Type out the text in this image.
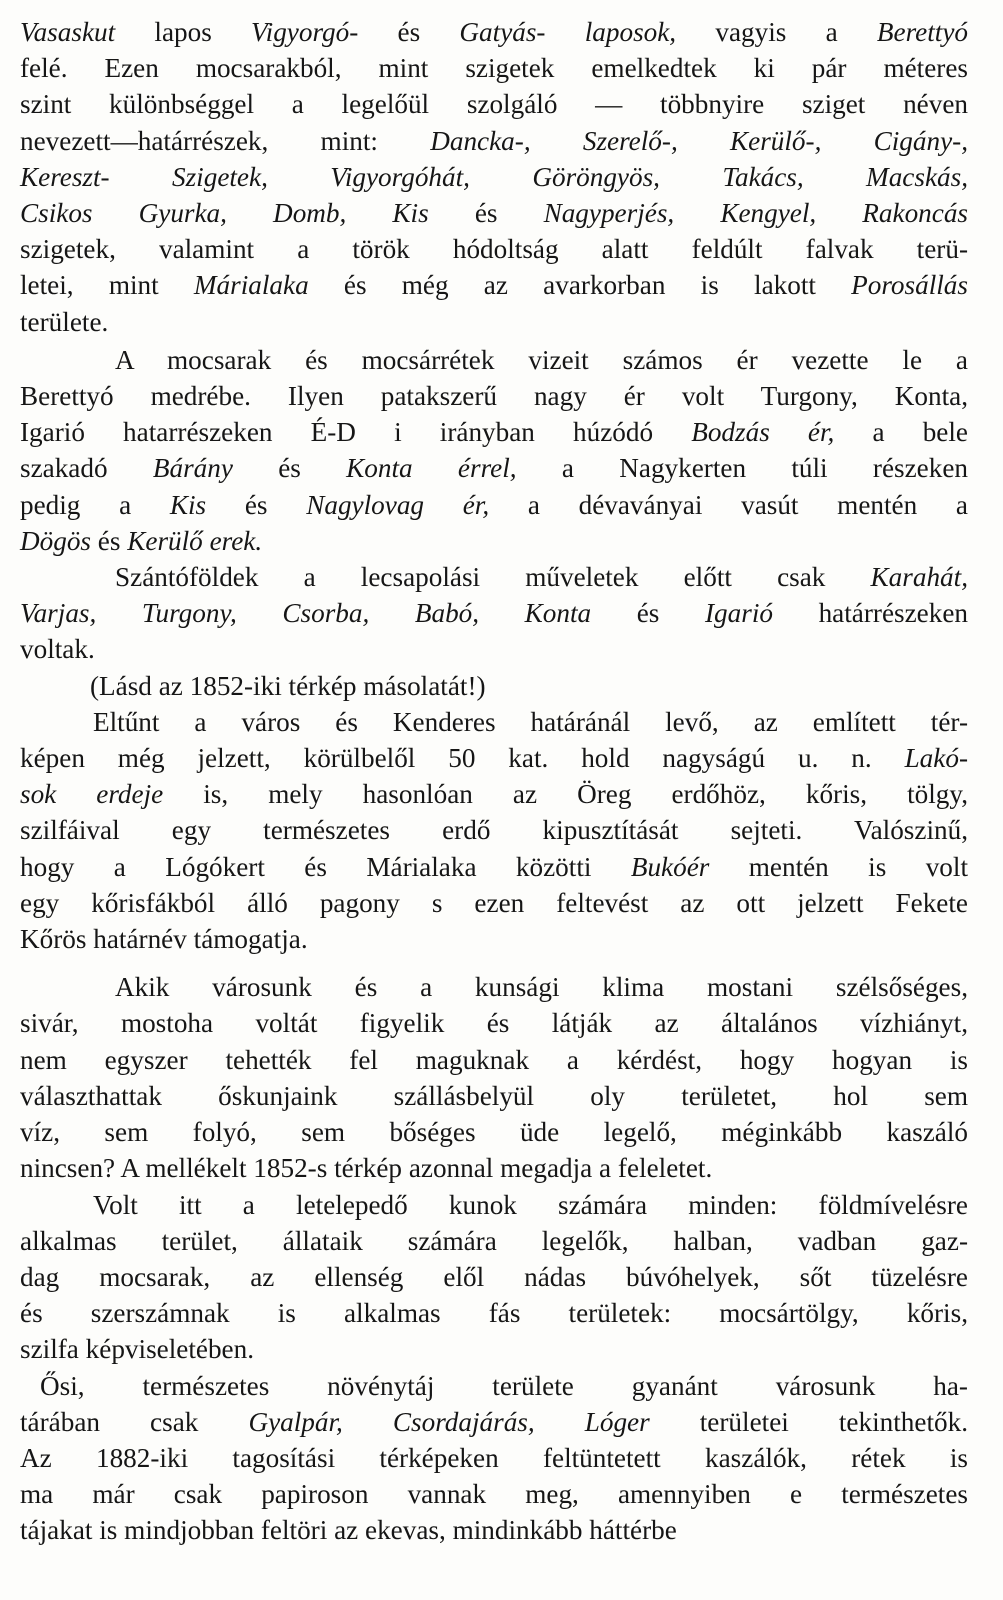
Vasaskut lapos Vigyorgó- és Gatyás- laposok, vagyis a Berettyó
felé. Ezen mocsarakból, mint szigetek emelkedtek ki pár méteres
szint különbséggel a legelőül szolgáló — többnyire sziget néven
nevezett—határrészek, mint: Dancka-, Szerelő-, Kerülő-, Cigány-,
Kereszt- Szigetek, Vigyorgóhát, Göröngyös, Takács, Macskás,
Csikos Gyurka, Domb, Kis és Nagyperjés, Kengyel, Rakoncás
szigetek, valamint a török hódoltság alatt feldúlt falvak terü-
letei, mint Márialaka és még az avarkorban is lakott Porosállás
területe.

A mocsarak és mocsárrétek vizeit számos ér vezette le a
Berettyó medrébe. Ilyen patakszerű nagy ér volt Turgony, Konta,
Igarió hatarrészeken É-D i irányban húzódó Bodzás ér, a bele
szakadó Bárány és Konta érrel, a Nagykerten túli részeken
pedig a Kis és Nagylovag ér, a dévaványai vasút mentén a
Dögös és Kerülő erek.

Szántóföldek a lecsapolási műveletek előtt csak Karahát,
Varjas, Turgony, Csorba, Babó, Konta és Igarió határrészeken
voltak.

(Lásd az 1852-iki térkép másolatát!)

Eltűnt a város és Kenderes határánál levő, az említett tér-
képen még jelzett, körülbelől 50 kat. hold nagyságú u. n. Lakó-
sok erdeje is, mely hasonlóan az Öreg erdőhöz, kőris, tölgy,
szilfáival egy természetes erdő kipusztítását sejteti. Valószinű,
hogy a Lógókert és Márialaka közötti Bukóér mentén is volt
egy kőrisfákból álló pagony s ezen feltevést az ott jelzett Fekete
Kőrös határnév támogatja.

Akik városunk és a kunsági klima mostani szélsőséges,
sivár, mostoha voltát figyelik és látják az általános vízhiányt,
nem egyszer tehették fel maguknak a kérdést, hogy hogyan is
választhattak őskunjaink szállásbelyül oly területet, hol sem
víz, sem folyó, sem bőséges üde legelő, méginkább kaszáló
nincsen? A mellékelt 1852-s térkép azonnal megadja a feleletet.

Volt itt a letelepedő kunok számára minden: földmívelésre
alkalmas terület, állataik számára legelők, halban, vadban gaz-
dag mocsarak, az ellenség elől nádas búvóhelyek, sőt tüzelésre
és szerszámnak is alkalmas fás területek: mocsártölgy, kőris,
szilfa képviseletében.

Ősi, természetes növénytáj területe gyanánt városunk ha-
tárában csak Gyalpár, Csordajárás, Lóger területei tekinthetők.
Az 1882-iki tagosítási térképeken feltüntetett kaszálók, rétek is
ma már csak papiroson vannak meg, amennyiben e természetes
tájakat is mindjobban feltöri az ekevas, mindinkább háttérbe
